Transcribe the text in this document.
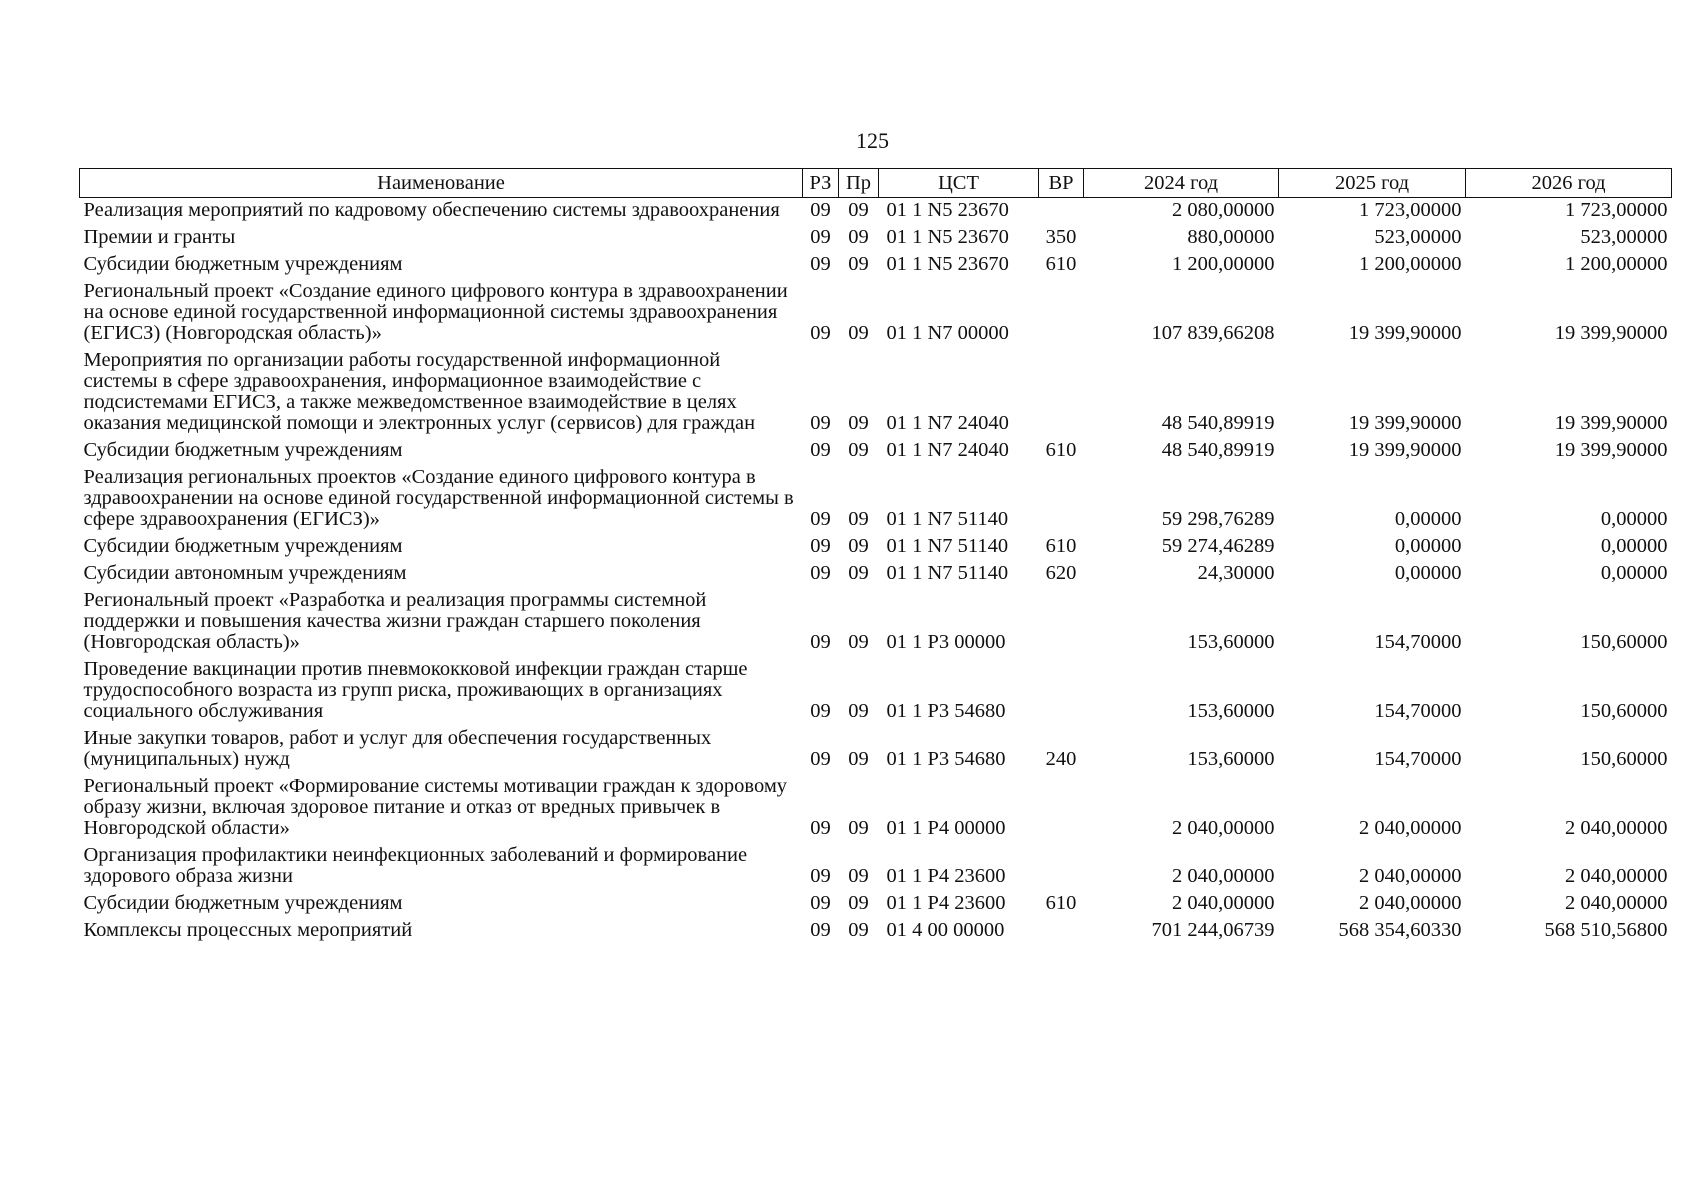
125
Наименование	РЗ	Пр	ЦСТ	ВР	2024 год	2025 год	2026 год
Реализация мероприятий по кадровому обеспечению системы здравоохранения	09	09	01 1 N5 23670		2 080,00000	1 723,00000	1 723,00000
Премии и гранты	09	09	01 1 N5 23670	350	880,00000	523,00000	523,00000
Субсидии бюджетным учреждениям	09	09	01 1 N5 23670	610	1 200,00000	1 200,00000	1 200,00000
Региональный проект «Создание единого цифрового контура в здравоохранении на основе единой государственной информационной системы здравоохранения (ЕГИСЗ) (Новгородская область)»	09	09	01 1 N7 00000		107 839,66208	19 399,90000	19 399,90000
Мероприятия по организации работы государственной информационной системы в сфере здравоохранения, информационное взаимодействие с подсистемами ЕГИСЗ, а также межведомственное взаимодействие в целях оказания медицинской помощи и электронных услуг (сервисов) для граждан	09	09	01 1 N7 24040		48 540,89919	19 399,90000	19 399,90000
Субсидии бюджетным учреждениям	09	09	01 1 N7 24040	610	48 540,89919	19 399,90000	19 399,90000
Реализация региональных проектов «Создание единого цифрового контура в здравоохранении на основе единой государственной информационной системы в сфере здравоохранения (ЕГИСЗ)»	09	09	01 1 N7 51140		59 298,76289	0,00000	0,00000
Субсидии бюджетным учреждениям	09	09	01 1 N7 51140	610	59 274,46289	0,00000	0,00000
Субсидии автономным учреждениям	09	09	01 1 N7 51140	620	24,30000	0,00000	0,00000
Региональный проект «Разработка и реализация программы системной поддержки и повышения качества жизни граждан старшего поколения (Новгородская область)»	09	09	01 1 P3 00000		153,60000	154,70000	150,60000
Проведение вакцинации против пневмококковой инфекции граждан старше трудоспособного возраста из групп риска, проживающих в организациях социального обслуживания	09	09	01 1 P3 54680		153,60000	154,70000	150,60000
Иные закупки товаров, работ и услуг для обеспечения государственных (муниципальных) нужд	09	09	01 1 P3 54680	240	153,60000	154,70000	150,60000
Региональный проект «Формирование системы мотивации граждан к здоровому образу жизни, включая здоровое питание и отказ от вредных привычек в Новгородской области»	09	09	01 1 P4 00000		2 040,00000	2 040,00000	2 040,00000
Организация профилактики неинфекционных заболеваний и формирование здорового образа жизни	09	09	01 1 P4 23600		2 040,00000	2 040,00000	2 040,00000
Субсидии бюджетным учреждениям	09	09	01 1 P4 23600	610	2 040,00000	2 040,00000	2 040,00000
Комплексы процессных мероприятий	09	09	01 4 00 00000		701 244,06739	568 354,60330	568 510,56800
